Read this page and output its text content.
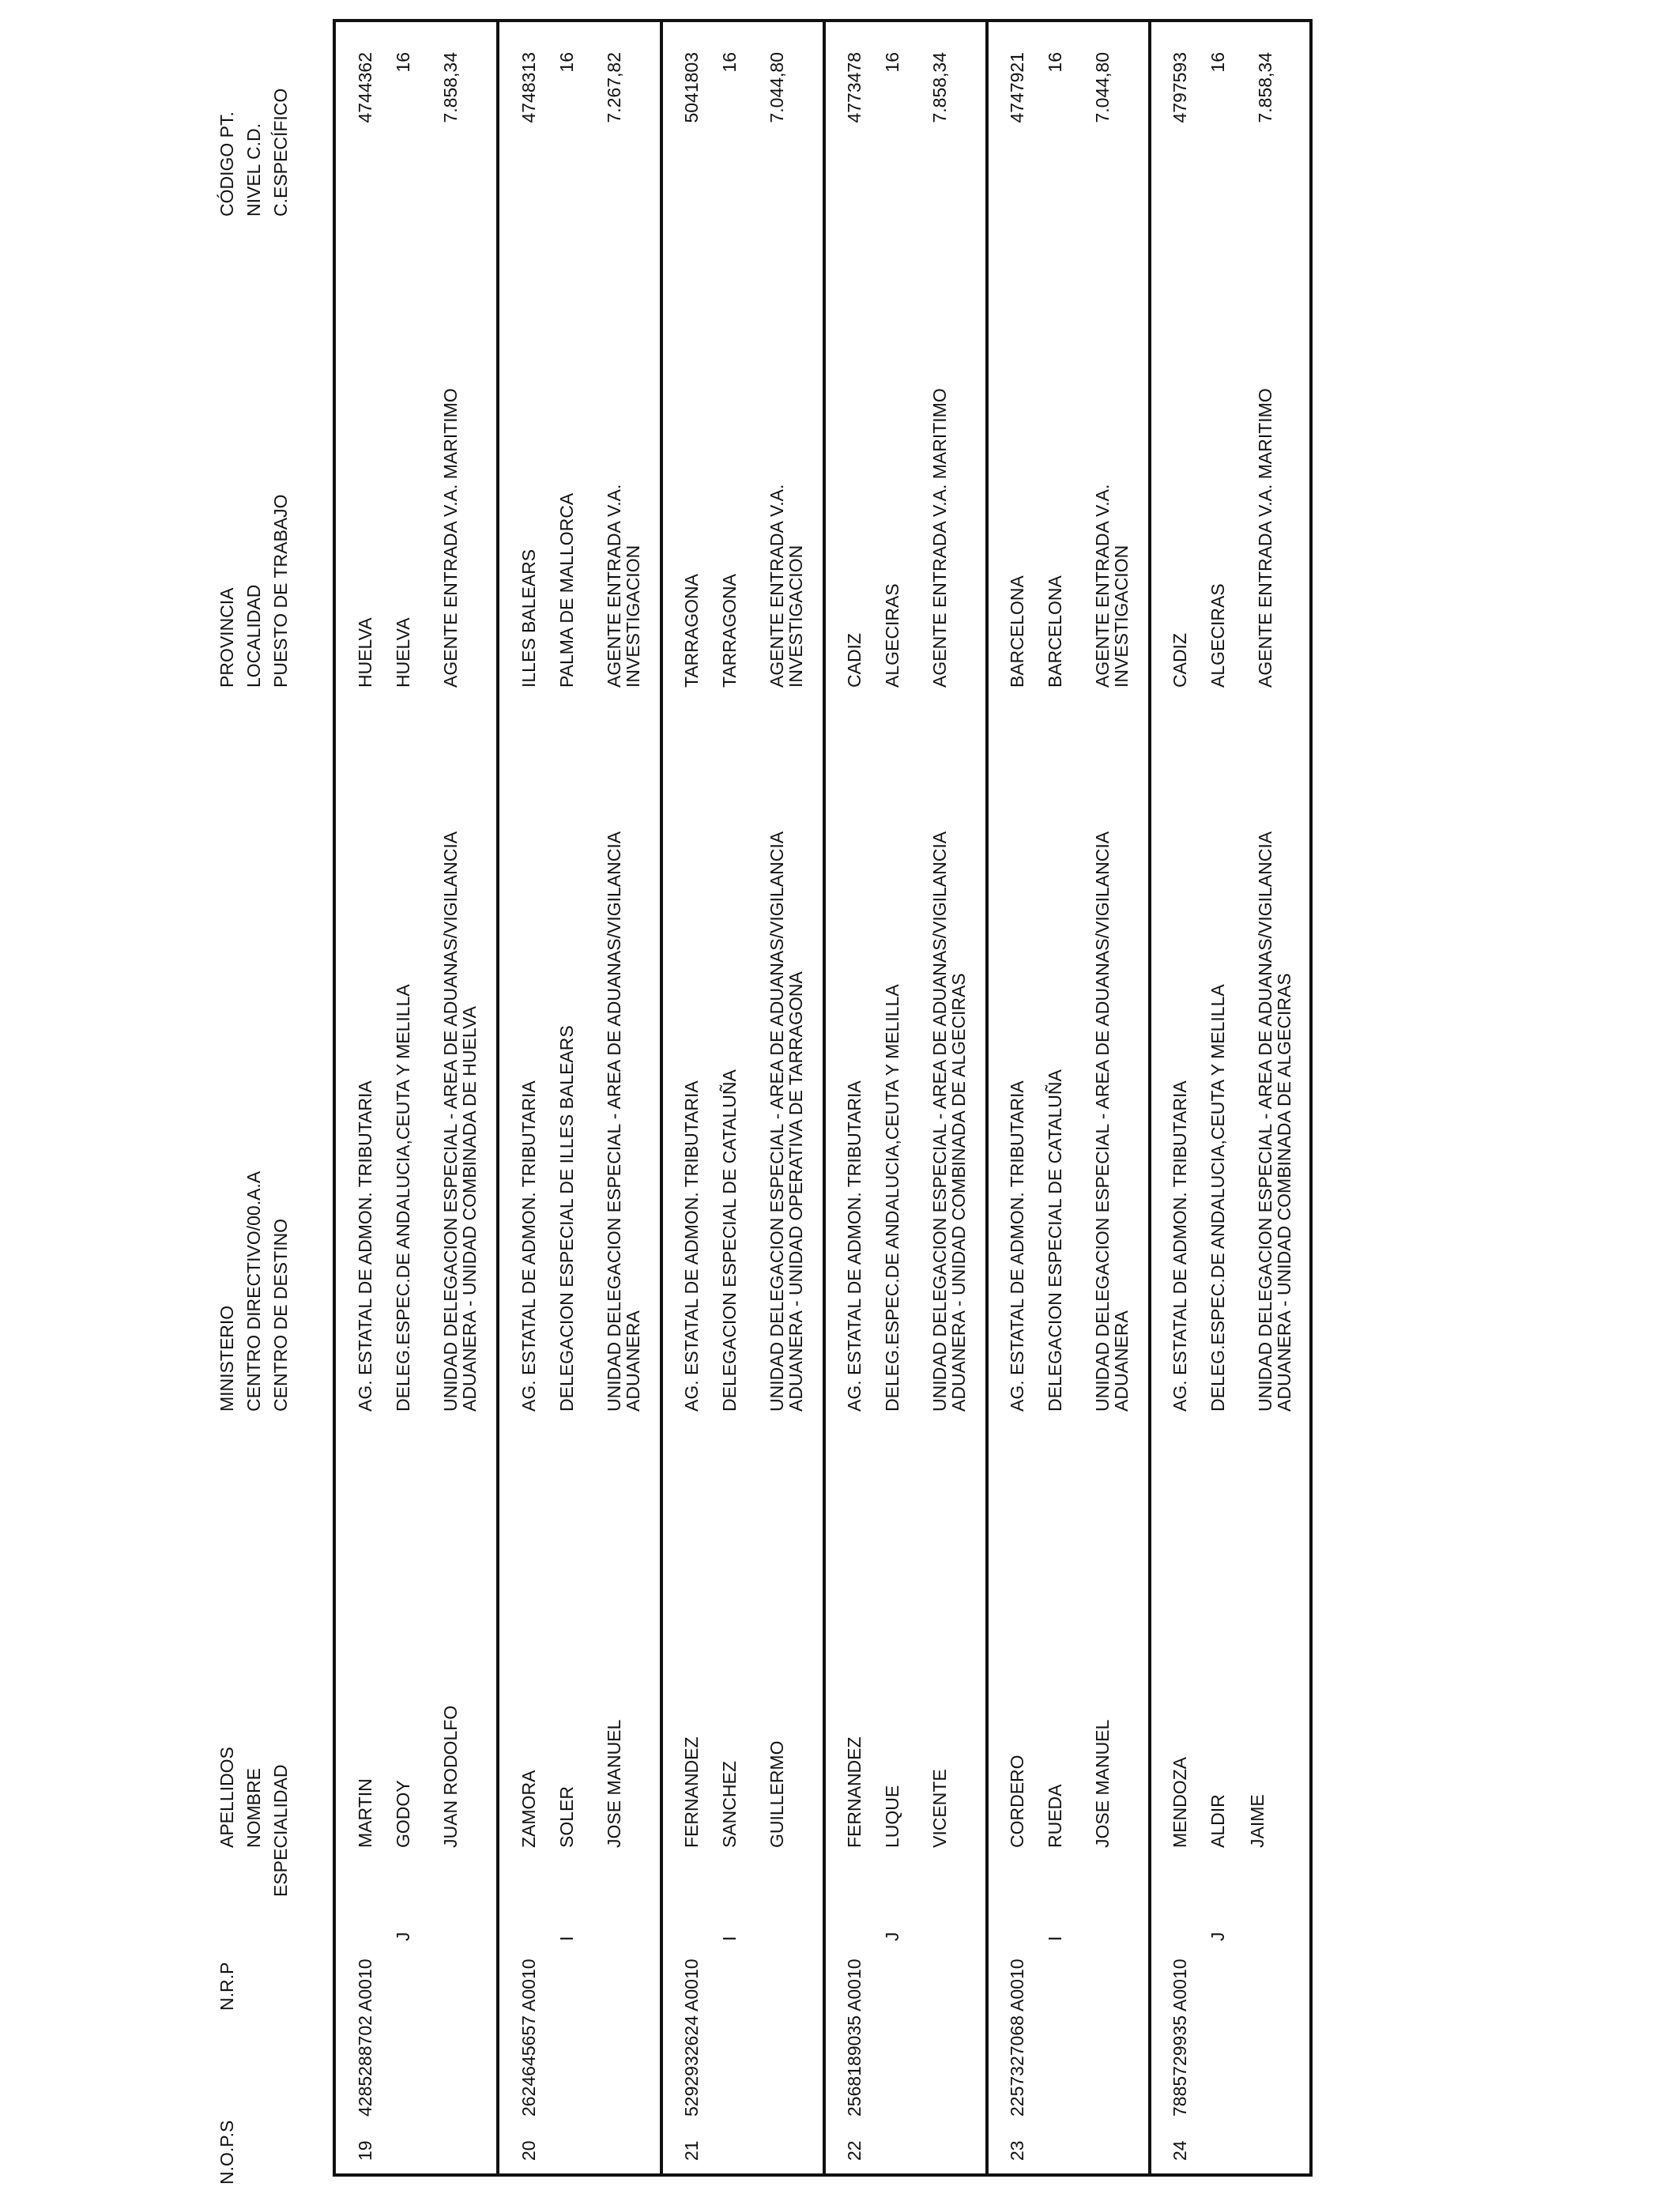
N.O.P.S
N.R.P
ESPECIALIDAD
APELLIDOS NOMBRE
MINISTERIO CENTRO DIRECTIVO/00.A.A CENTRO DE DESTINO
PROVINCIA LOCALIDAD PUESTO DE TRABAJO
CÓDIGO PT. NIVEL C.D. C.ESPECÍFICO
19
4285288702 A0010
J
MARTIN GODOY JUAN RODOLFO
AG. ESTATAL DE ADMON. TRIBUTARIA DELEG.ESPEC.DE ANDALUCIA,CEUTA Y MELILLA UNIDAD DELEGACION ESPECIAL - AREA DE ADUANAS/VIGILANCIA
ADUANERA - UNIDAD COMBINADA DE HUELVA
HUELVA HUELVA AGENTE ENTRADA V.A. MARITIMO
4744362 16 7.858,34
20
2624645657 A0010
I
ZAMORA SOLER JOSE MANUEL
AG. ESTATAL DE ADMON. TRIBUTARIA DELEGACION ESPECIAL DE ILLES BALEARS UNIDAD DELEGACION ESPECIAL - AREA DE ADUANAS/VIGILANCIA
ADUANERA
ILLES BALEARS PALMA DE MALLORCA AGENTE ENTRADA V.A.
INVESTIGACION
4748313 16 7.267,82
21
5292932624 A0010
I
FERNANDEZ SANCHEZ GUILLERMO
AG. ESTATAL DE ADMON. TRIBUTARIA DELEGACION ESPECIAL DE CATALUÑA UNIDAD DELEGACION ESPECIAL - AREA DE ADUANAS/VIGILANCIA
ADUANERA - UNIDAD OPERATIVA DE TARRAGONA
TARRAGONA TARRAGONA AGENTE ENTRADA V.A.
INVESTIGACION
5041803 16 7.044,80
22
2568189035 A0010
J
FERNANDEZ LUQUE VICENTE
AG. ESTATAL DE ADMON. TRIBUTARIA DELEG.ESPEC.DE ANDALUCIA,CEUTA Y MELILLA UNIDAD DELEGACION ESPECIAL - AREA DE ADUANAS/VIGILANCIA
ADUANERA - UNIDAD COMBINADA DE ALGECIRAS
CADIZ ALGECIRAS AGENTE ENTRADA V.A. MARITIMO
4773478 16 7.858,34
23
2257327068 A0010
I
CORDERO RUEDA JOSE MANUEL
AG. ESTATAL DE ADMON. TRIBUTARIA DELEGACION ESPECIAL DE CATALUÑA UNIDAD DELEGACION ESPECIAL - AREA DE ADUANAS/VIGILANCIA
ADUANERA
BARCELONA BARCELONA AGENTE ENTRADA V.A.
INVESTIGACION
4747921 16 7.044,80
24
7885729935 A0010
J
MENDOZA ALDIR JAIME
AG. ESTATAL DE ADMON. TRIBUTARIA DELEG.ESPEC.DE ANDALUCIA,CEUTA Y MELILLA UNIDAD DELEGACION ESPECIAL - AREA DE ADUANAS/VIGILANCIA
ADUANERA - UNIDAD COMBINADA DE ALGECIRAS
CADIZ ALGECIRAS AGENTE ENTRADA V.A. MARITIMO
4797593 16 7.858,34
